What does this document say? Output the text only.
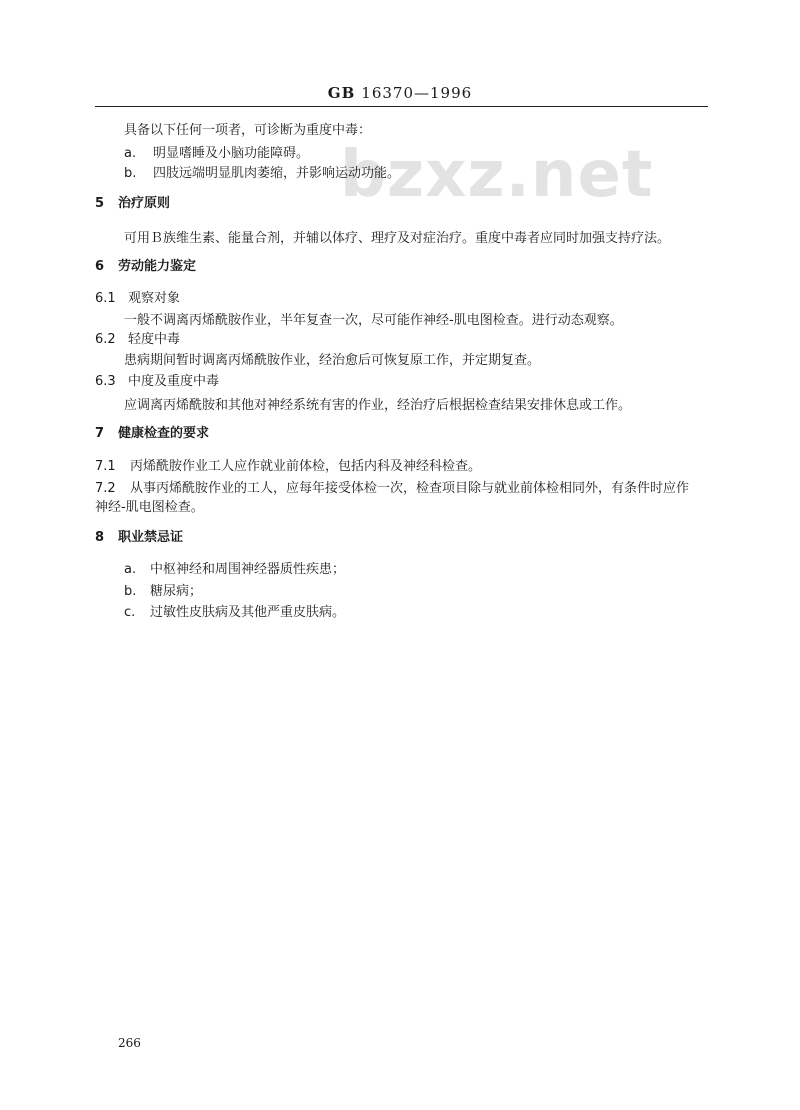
bzxz.net
GB 16370—1996
具备以下任何一项者，可诊断为重度中毒：
a. 明显嗜睡及小脑功能障碍。
b. 四肢远端明显肌肉萎缩，并影响运动功能。
5 治疗原则
可用Ｂ族维生素、能量合剂，并辅以体疗、理疗及对症治疗。重度中毒者应同时加强支持疗法。
6 劳动能力鉴定
6.1 观察对象
一般不调离丙烯酰胺作业，半年复查一次，尽可能作神经-肌电图检查。进行动态观察。
6.2 轻度中毒
患病期间暂时调离丙烯酰胺作业，经治愈后可恢复原工作，并定期复查。
6.3 中度及重度中毒
应调离丙烯酰胺和其他对神经系统有害的作业，经治疗后根据检查结果安排休息或工作。
7 健康检查的要求
7.1 丙烯酰胺作业工人应作就业前体检，包括内科及神经科检查。
7.2 从事丙烯酰胺作业的工人，应每年接受体检一次，检查项目除与就业前体检相同外，有条件时应作
神经-肌电图检查。
8 职业禁忌证
a. 中枢神经和周围神经器质性疾患；
b. 糖尿病；
c. 过敏性皮肤病及其他严重皮肤病。
266
